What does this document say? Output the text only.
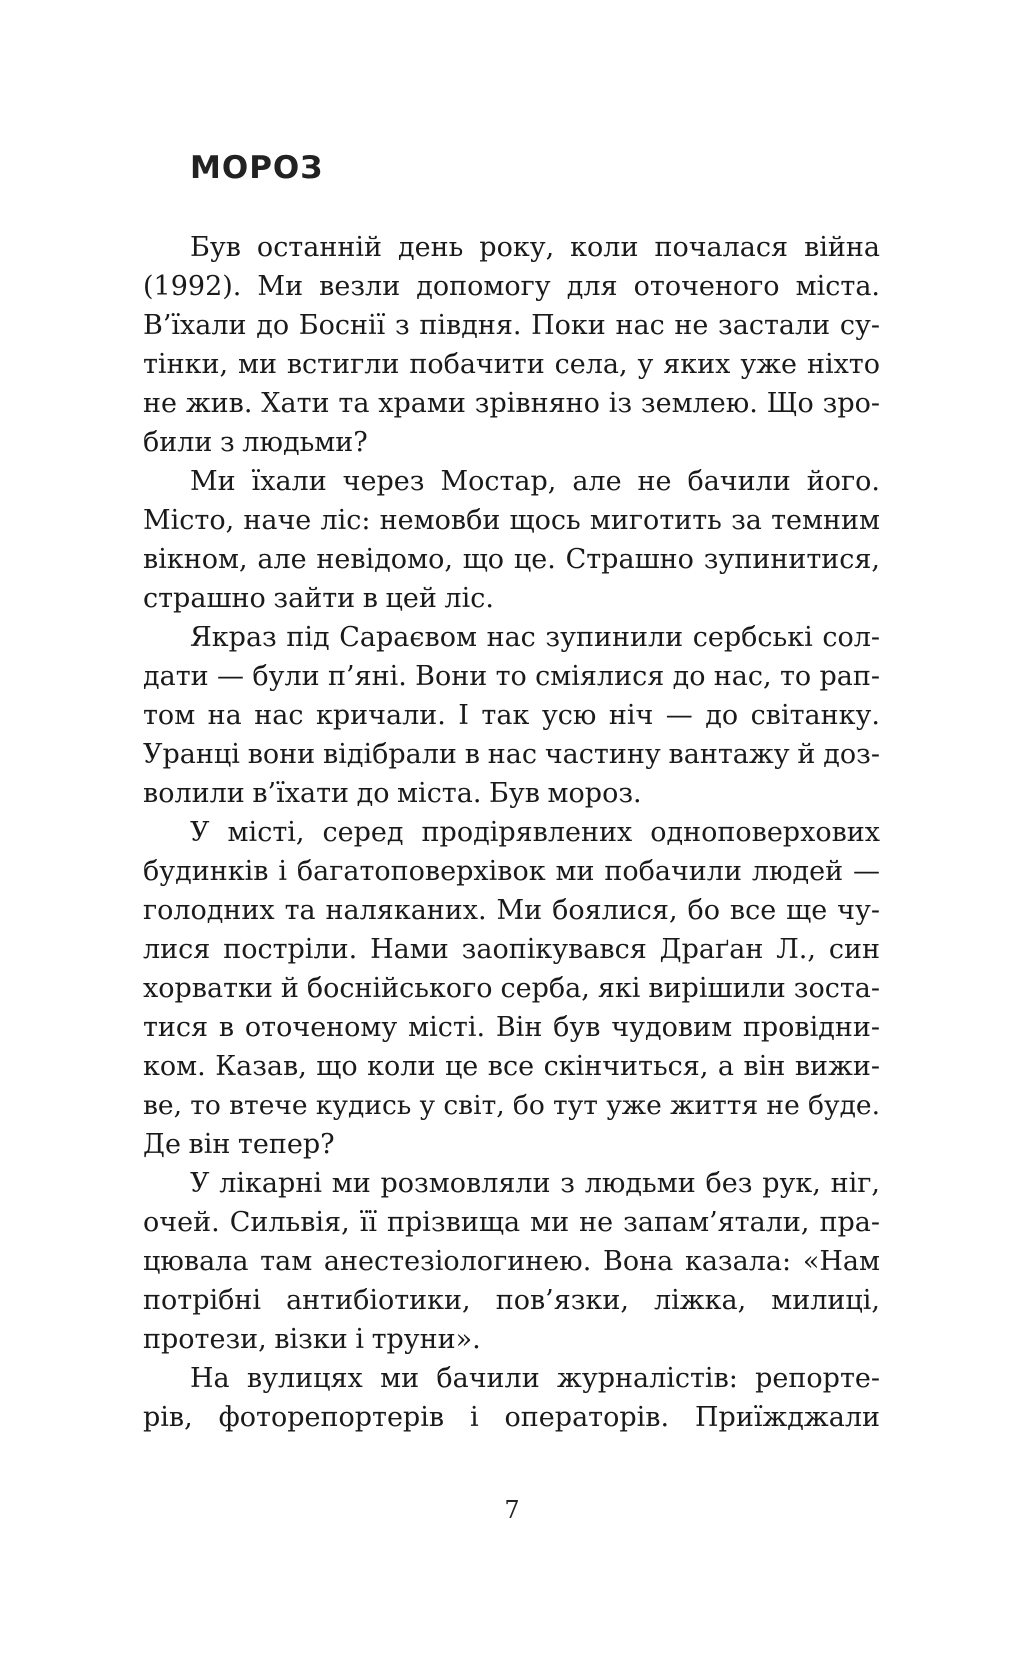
МОРОЗ
Був останній день року, коли почалася війна
(1992). Ми везли допомогу для оточеного міста.
В’їхали до Боснії з півдня. Поки нас не застали су-
тінки, ми встигли побачити села, у яких уже ніхто
не жив. Хати та храми зрівняно із землею. Що зро-
били з людьми?
Ми їхали через Мостар, але не бачили його.
Місто, наче ліс: немовби щось миготить за темним
вікном, але невідомо, що це. Страшно зупинитися,
страшно зайти в цей ліс.
Якраз під Сараєвом нас зупинили сербські сол-
дати — були п’яні. Вони то сміялися до нас, то рап-
том на нас кричали. І так усю ніч — до світанку.
Уранці вони відібрали в нас частину вантажу й доз-
волили в’їхати до міста. Був мороз.
У місті, серед продірявлених одноповерхових
будинків і багатоповерхівок ми побачили людей —
голодних та наляканих. Ми боялися, бо все ще чу-
лися постріли. Нами заопікувався Драґан Л., син
хорватки й боснійського серба, які вирішили зоста-
тися в оточеному місті. Він був чудовим провідни-
ком. Казав, що коли це все скінчиться, а він вижи-
ве, то втече кудись у світ, бо тут уже життя не буде.
Де він тепер?
У лікарні ми розмовляли з людьми без рук, ніг,
очей. Сильвія, її прізвища ми не запам’ятали, пра-
цювала там анестезіологинею. Вона казала: «Нам
потрібні антибіотики, пов’язки, ліжка, милиці,
протези, візки і труни».
На вулицях ми бачили журналістів: репорте-
рів, фоторепортерів і операторів. Приїжджали
7
